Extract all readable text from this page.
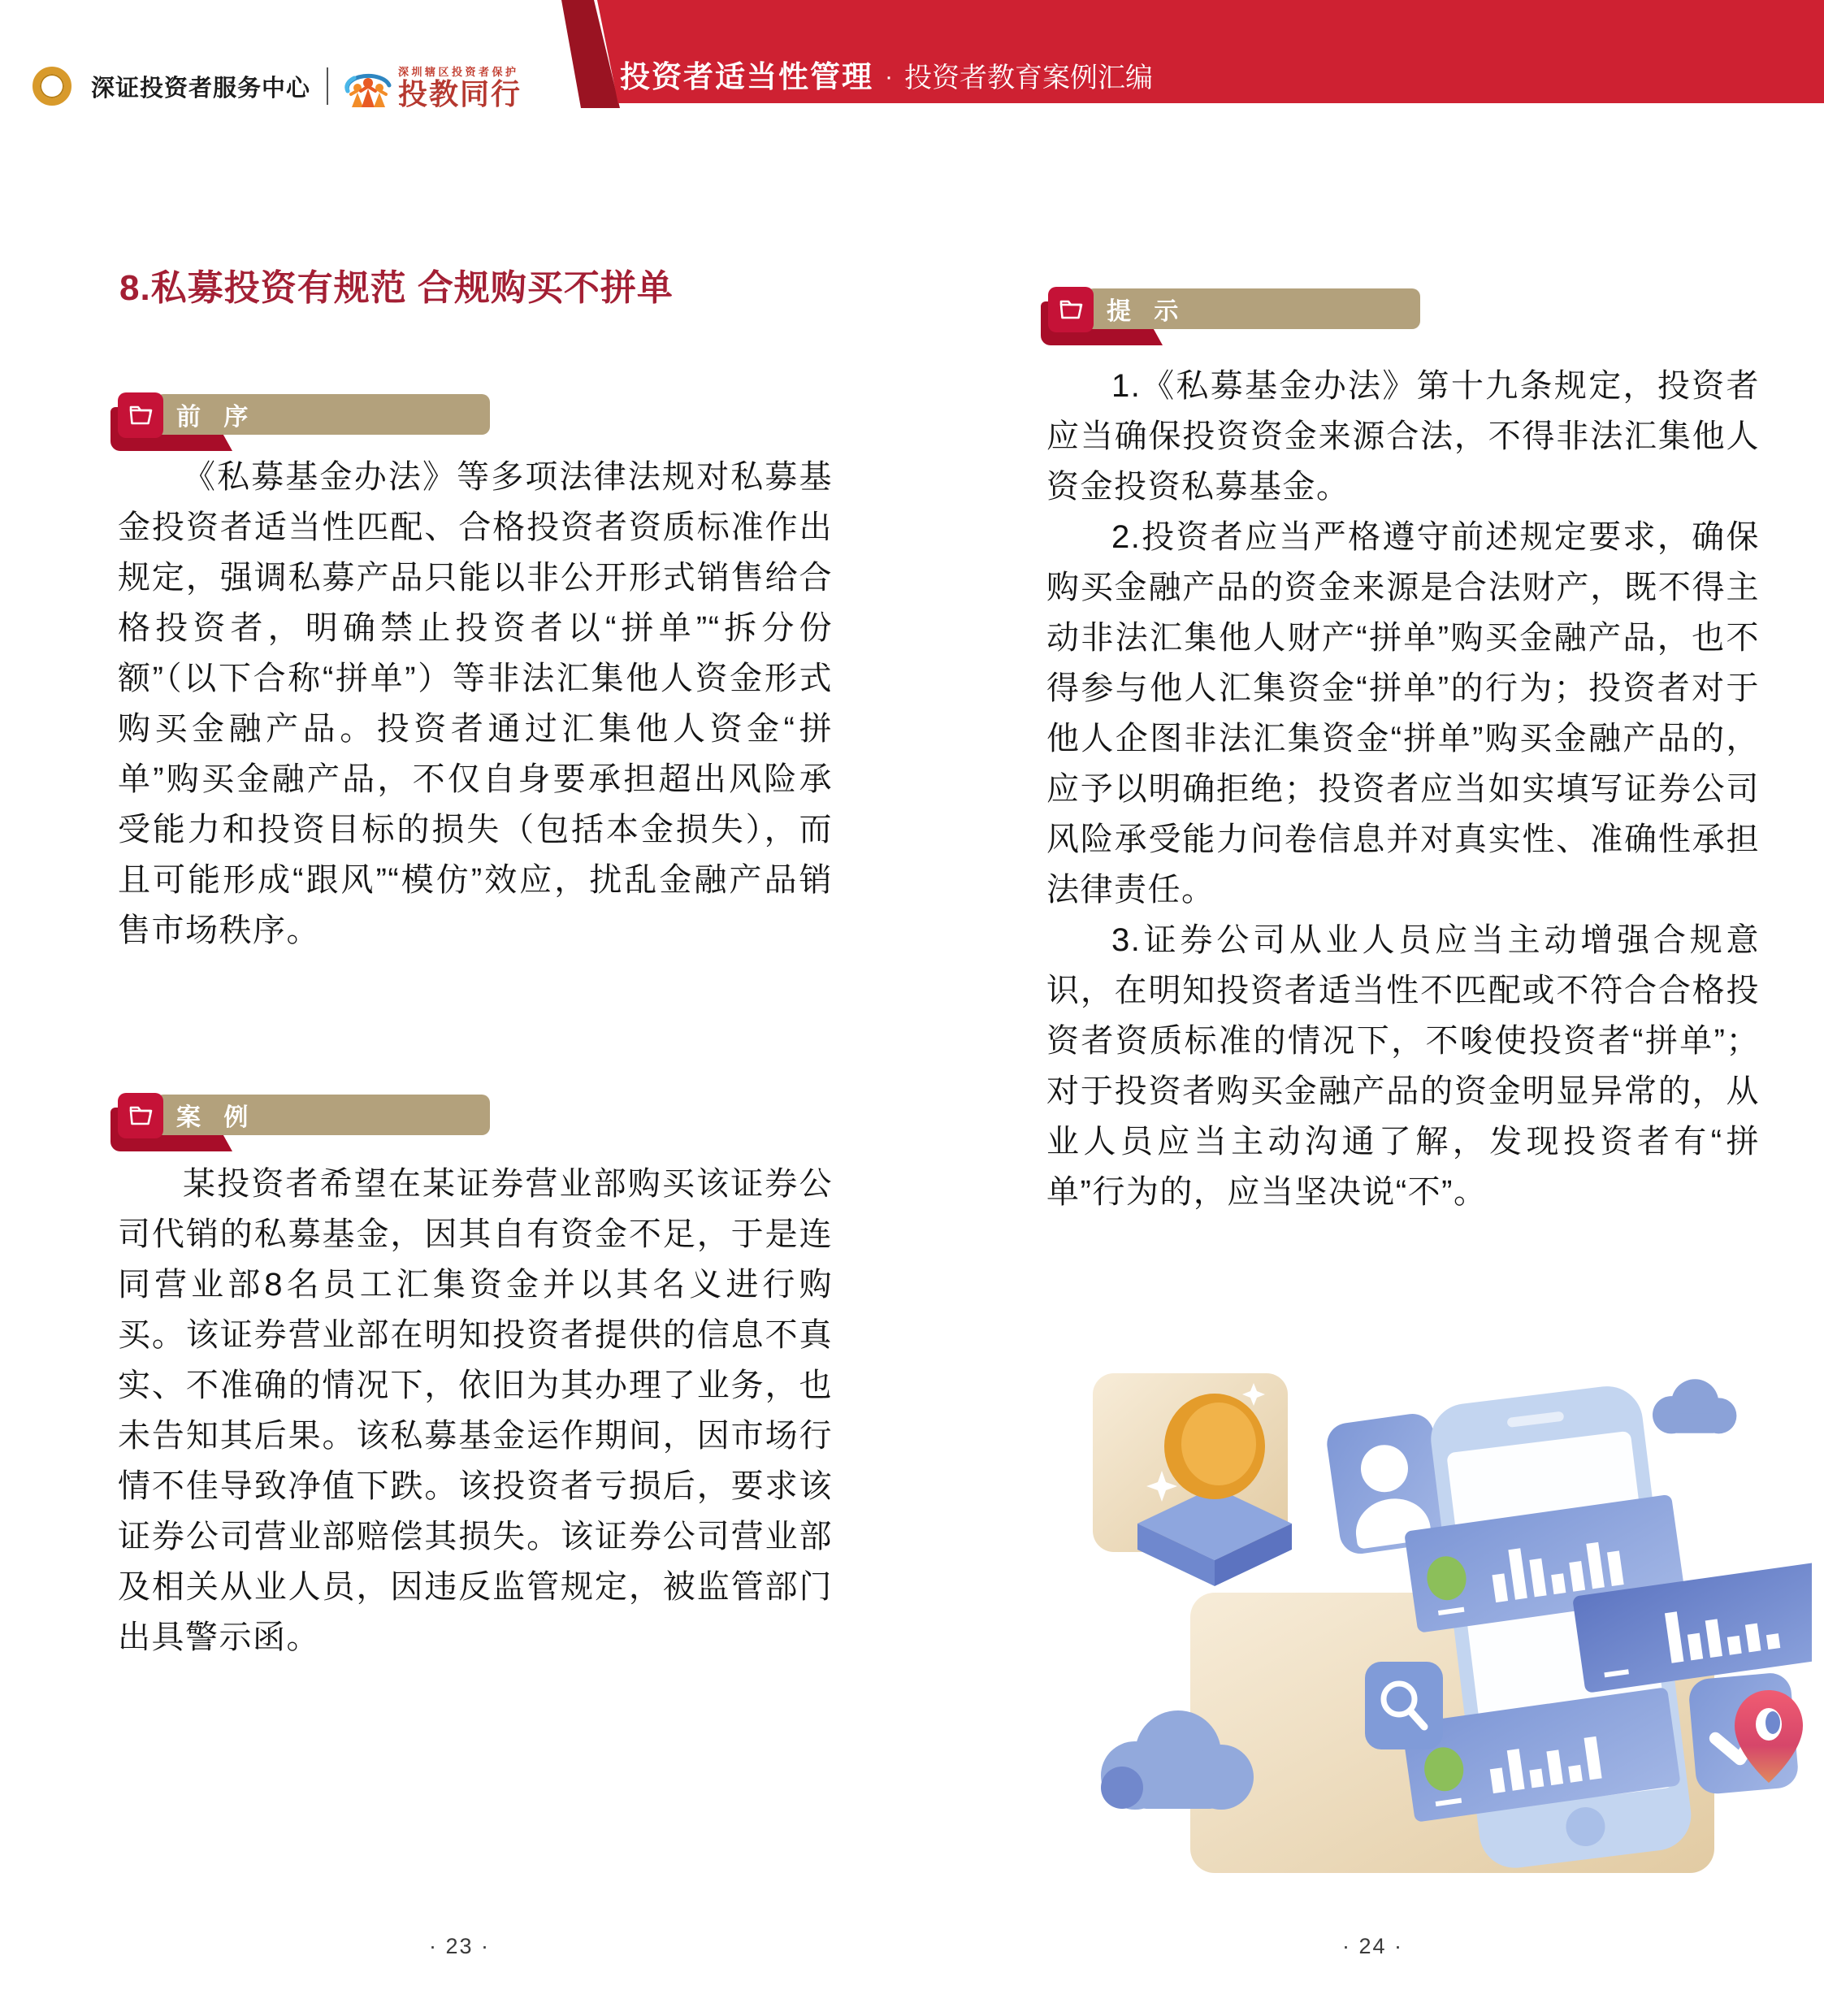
深证投资者服务中心
深圳辖区投资者保护
投教同行
投资者适当性管理 · 投资者教育案例汇编
8.私募投资有规范 合规购买不拼单
前 序

《私募基金办法》等多项法律法规对私募基金投资者适当性匹配、合格投资者资质标准作出规定，强调私募产品只能以非公开形式销售给合格投资者，明确禁止投资者以“拼单”“拆分份额”（以下合称“拼单”）等非法汇集他人资金形式购买金融产品。投资者通过汇集他人资金“拼单”购买金融产品，不仅自身要承担超出风险承受能力和投资目标的损失（包括本金损失），而且可能形成“跟风”“模仿”效应，扰乱金融产品销售市场秩序。

案 例

某投资者希望在某证券营业部购买该证券公司代销的私募基金，因其自有资金不足，于是连同营业部8名员工汇集资金并以其名义进行购买。该证券营业部在明知投资者提供的信息不真实、不准确的情况下，依旧为其办理了业务，也未告知其后果。该私募基金运作期间，因市场行情不佳导致净值下跌。该投资者亏损后，要求该证券公司营业部赔偿其损失。该证券公司营业部及相关从业人员，因违反监管规定，被监管部门出具警示函。

· 23 ·
提 示

1.《私募基金办法》第十九条规定，投资者应当确保投资资金来源合法，不得非法汇集他人资金投资私募基金。

2.投资者应当严格遵守前述规定要求，确保购买金融产品的资金来源是合法财产，既不得主动非法汇集他人财产“拼单”购买金融产品，也不得参与他人汇集资金“拼单”的行为；投资者对于他人企图非法汇集资金“拼单”购买金融产品的，应予以明确拒绝；投资者应当如实填写证券公司风险承受能力问卷信息并对真实性、准确性承担法律责任。

3.证券公司从业人员应当主动增强合规意识，在明知投资者适当性不匹配或不符合合格投资者资质标准的情况下，不唆使投资者“拼单”；对于投资者购买金融产品的资金明显异常的，从业人员应当主动沟通了解，发现投资者有“拼单”行为的，应当坚决说“不”。

· 24 ·
